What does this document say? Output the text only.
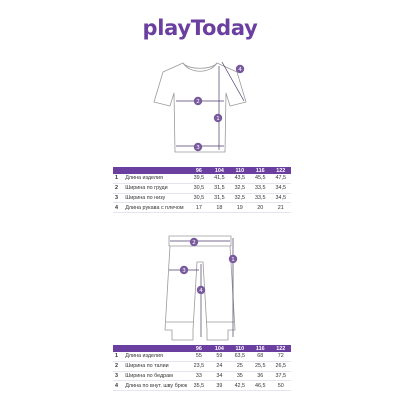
playToday
1
2
3
4
1
2
3
4
		96	104	110	116	122
1	Длина изделия	39,5	41,5	43,5	45,5	47,5
2	Ширина по груди	30,5	31,5	32,5	33,5	34,5
3	Ширина по низу	30,5	31,5	32,5	33,5	34,5
4	Длина рукава с плечом	17	18	19	20	21
		96	104	110	116	122
1	Длина изделия	55	59	63,5	68	72
2	Ширина по талии	23,5	24	25	25,5	26,5
3	Ширина по бедрам	33	34	35	36	37,5
4	Длина по внут. шву брюк	35,5	39	42,5	46,5	50
